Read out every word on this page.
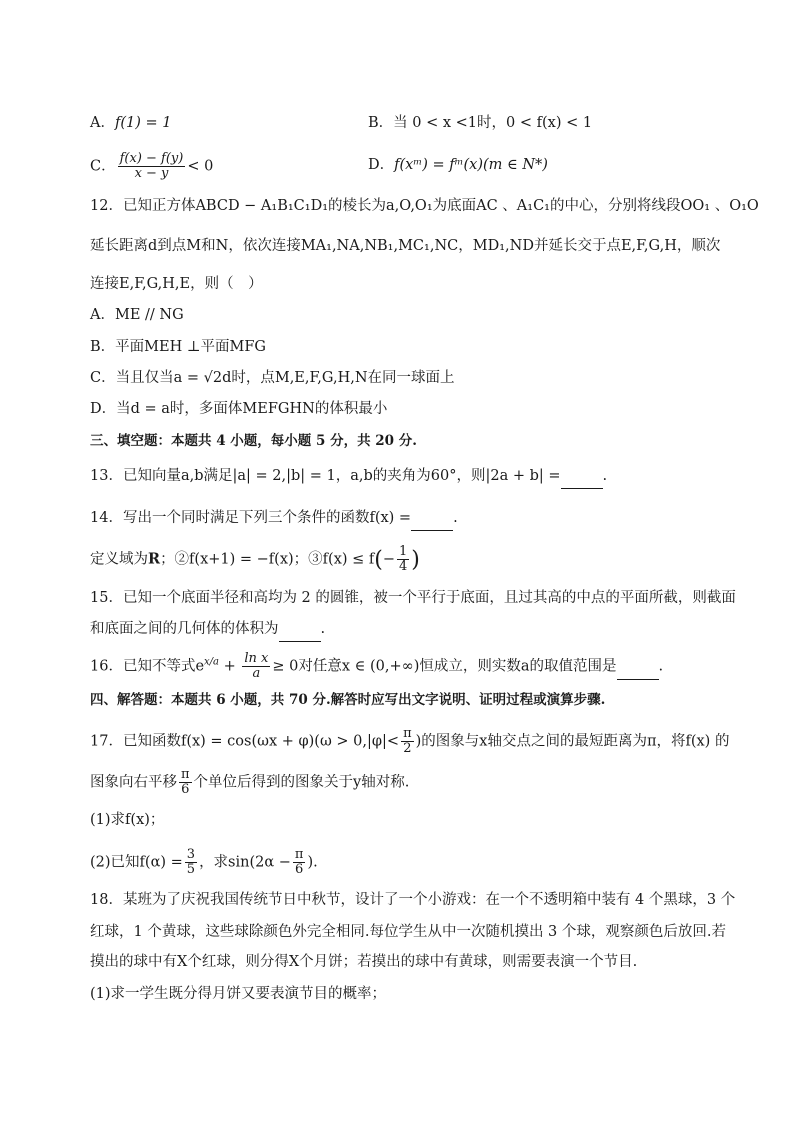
A．f(1) = 1	B．当 0 < x <1时，0 < f(x) < 1
C． $\frac{f(x) - f(y)}{x - y} < 0$	D．f(xᵐ) = fᵐ(x)(m ∈ N*)
12．已知正方体ABCD − A₁B₁C₁D₁的棱长为a,O,O₁为底面AC 、A₁C₁的中心，分别将线段OO₁ 、O₁O
延长距离d到点M和N，依次连接MA₁,NA,NB₁,MC₁,NC，MD₁,ND并延长交于点E,F,G,H，顺次
连接E,F,G,H,E，则（　）
A．ME // NG
B．平面MEH ⊥平面MFG
C．当且仅当a = √2d时，点M,E,F,G,H,N在同一球面上
D．当d = a时，多面体MEFGHN的体积最小
三、填空题：本题共 4 小题，每小题 5 分，共 20 分.
13．已知向量a,b满足|a| = 2,|b| = 1，a,b的夹角为60°，则|2a + b| =	.
14．写出一个同时满足下列三个条件的函数f(x) =	.
定义域为R；②f(x+1) = −f(x)；③f(x) ≤ $f(- \frac{1}{4}$ )
15．已知一个底面半径和高均为 2 的圆锥，被一个平行于底面，且过其高的中点的平面所截，则截面
和底面之间的几何体的体积为	.
16．已知不等式$e^{x/a} + \frac{\text{ln x}}{a} \ge 0$对任意x ∈ (0,+∞)恒成立，则实数a的取值范围是	.
四、解答题：本题共 6 小题，共 70 分.解答时应写出文字说明、证明过程或演算步骤.
17．已知函数$f(x) = \cos(\omega x + \varphi)(\omega > 0,|\varphi|< \frac{\pi}{2}$ )的图象与x轴交点之间的最短距离为π，将f(x) 的
图象向右平移 $\frac{\pi}{6}$ 个单位后得到的图象关于y轴对称.
(1)求f(x)；
(2)已知$f(\alpha) = \frac{3}{5}$ ，求$\sin(2\alpha - \frac{\pi}{6}$ ).
18．某班为了庆祝我国传统节日中秋节，设计了一个小游戏：在一个不透明箱中装有 4 个黑球，3 个
红球，1 个黄球，这些球除颜色外完全相同.每位学生从中一次随机摸出 3 个球，观察颜色后放回.若
摸出的球中有X个红球，则分得X个月饼；若摸出的球中有黄球，则需要表演一个节目.
(1)求一学生既分得月饼又要表演节目的概率；
